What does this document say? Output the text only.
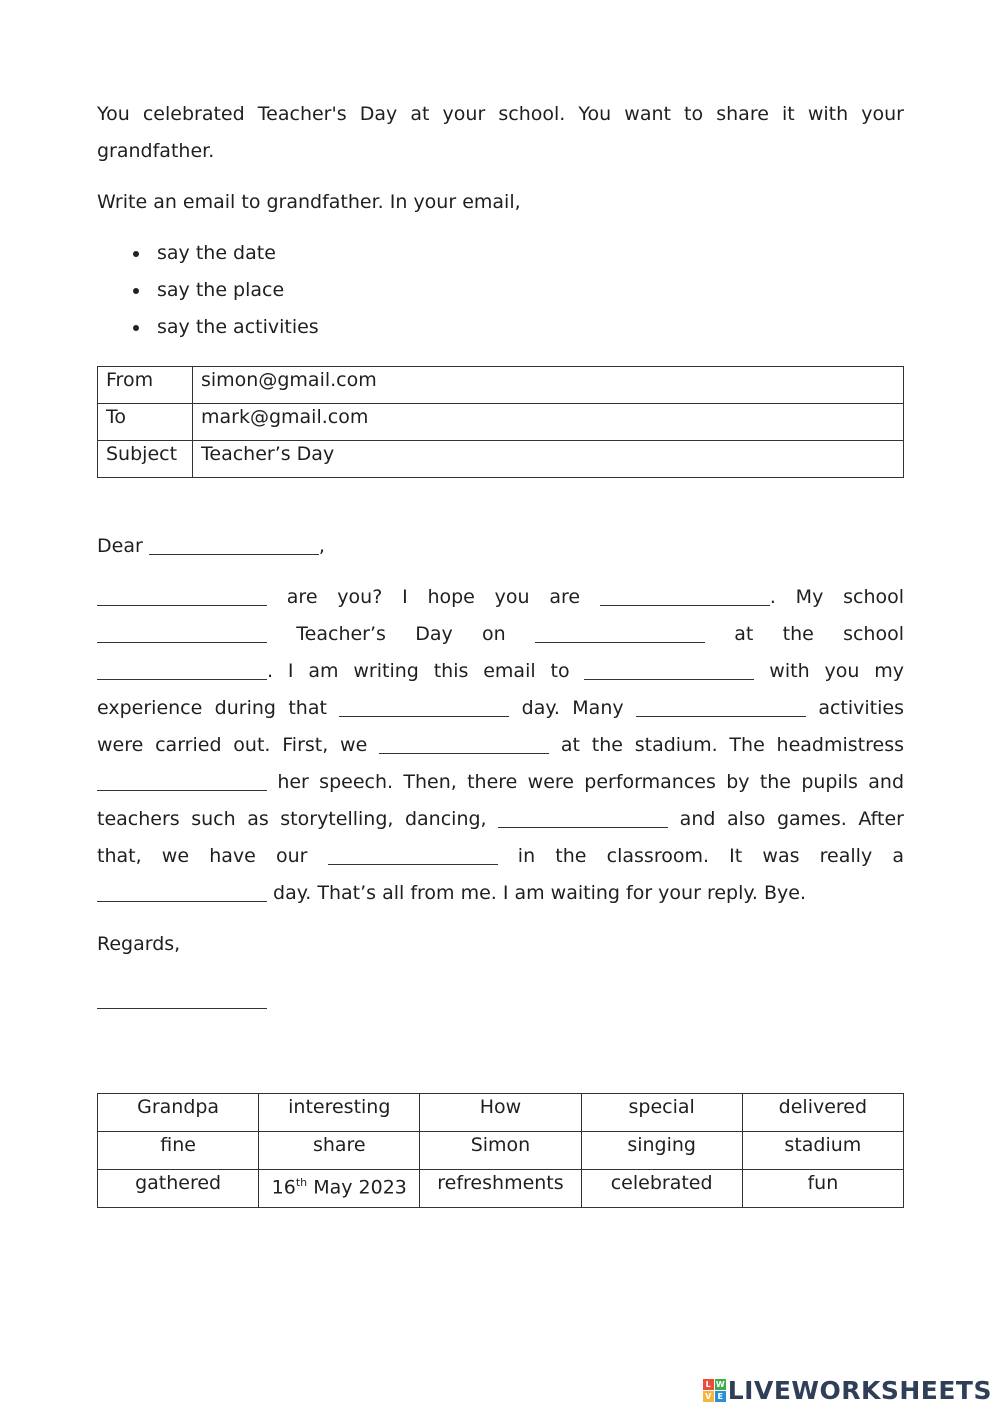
You celebrated Teacher's Day at your school. You want to share it with your grandfather.

Write an email to grandfather. In your email,

say the date
say the place
say the activities
From	simon@gmail.com
To	mark@gmail.com
Subject	Teacher’s Day

Dear	,

are you? I hope you are	. My school  Teacher’s Day on	at the school . I am writing this email to	with you my experience during that	day. Many	activities were carried out. First, we	at the stadium. The headmistress  her speech. Then, there were performances by the pupils and teachers such as storytelling, dancing,	and also games. After that, we have our	in the classroom. It was really a  day. That’s all from me. I am waiting for your reply. Bye.

Regards,

Grandpa	interesting	How	special	delivered
fine	share	Simon	singing	stadium
gathered	16th May 2023	refreshments	celebrated	fun
L W
V E LIVEWORKSHEETS
